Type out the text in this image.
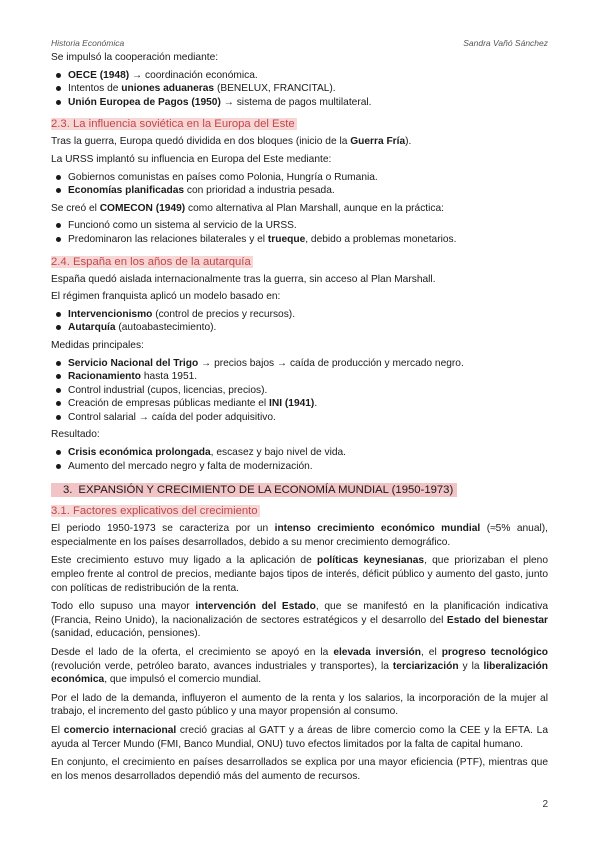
Historia Económica	Sandra Vañó Sánchez

Se impulsó la cooperación mediante:

OECE (1948) → coordinación económica.
Intentos de uniones aduaneras (BENELUX, FRANCITAL).
Unión Europea de Pagos (1950) → sistema de pagos multilateral.
2.3. La influencia soviética en la Europa del Este

Tras la guerra, Europa quedó dividida en dos bloques (inicio de la Guerra Fría).

La URSS implantó su influencia en Europa del Este mediante:

Gobiernos comunistas en países como Polonia, Hungría o Rumania.
Economías planificadas con prioridad a industria pesada.

Se creó el COMECON (1949) como alternativa al Plan Marshall, aunque en la práctica:

Funcionó como un sistema al servicio de la URSS.
Predominaron las relaciones bilaterales y el trueque, debido a problemas monetarios.
2.4. España en los años de la autarquía

España quedó aislada internacionalmente tras la guerra, sin acceso al Plan Marshall.

El régimen franquista aplicó un modelo basado en:

Intervencionismo (control de precios y recursos).
Autarquía (autoabastecimiento).

Medidas principales:

Servicio Nacional del Trigo → precios bajos → caída de producción y mercado negro.
Racionamiento hasta 1951.
Control industrial (cupos, licencias, precios).
Creación de empresas públicas mediante el INI (1941).
Control salarial → caída del poder adquisitivo.

Resultado:

Crisis económica prolongada, escasez y bajo nivel de vida.
Aumento del mercado negro y falta de modernización.
3. EXPANSIÓN Y CRECIMIENTO DE LA ECONOMÍA MUNDIAL (1950-1973)
3.1. Factores explicativos del crecimiento

El periodo 1950-1973 se caracteriza por un intenso crecimiento económico mundial (≈5% anual), especialmente en los países desarrollados, debido a su menor crecimiento demográfico.

Este crecimiento estuvo muy ligado a la aplicación de políticas keynesianas, que priorizaban el pleno empleo frente al control de precios, mediante bajos tipos de interés, déficit público y aumento del gasto, junto con políticas de redistribución de la renta.

Todo ello supuso una mayor intervención del Estado, que se manifestó en la planificación indicativa (Francia, Reino Unido), la nacionalización de sectores estratégicos y el desarrollo del Estado del bienestar (sanidad, educación, pensiones).

Desde el lado de la oferta, el crecimiento se apoyó en la elevada inversión, el progreso tecnológico (revolución verde, petróleo barato, avances industriales y transportes), la terciarización y la liberalización económica, que impulsó el comercio mundial.

Por el lado de la demanda, influyeron el aumento de la renta y los salarios, la incorporación de la mujer al trabajo, el incremento del gasto público y una mayor propensión al consumo.

El comercio internacional creció gracias al GATT y a áreas de libre comercio como la CEE y la EFTA. La ayuda al Tercer Mundo (FMI, Banco Mundial, ONU) tuvo efectos limitados por la falta de capital humano.

En conjunto, el crecimiento en países desarrollados se explica por una mayor eficiencia (PTF), mientras que en los menos desarrollados dependió más del aumento de recursos.

2
